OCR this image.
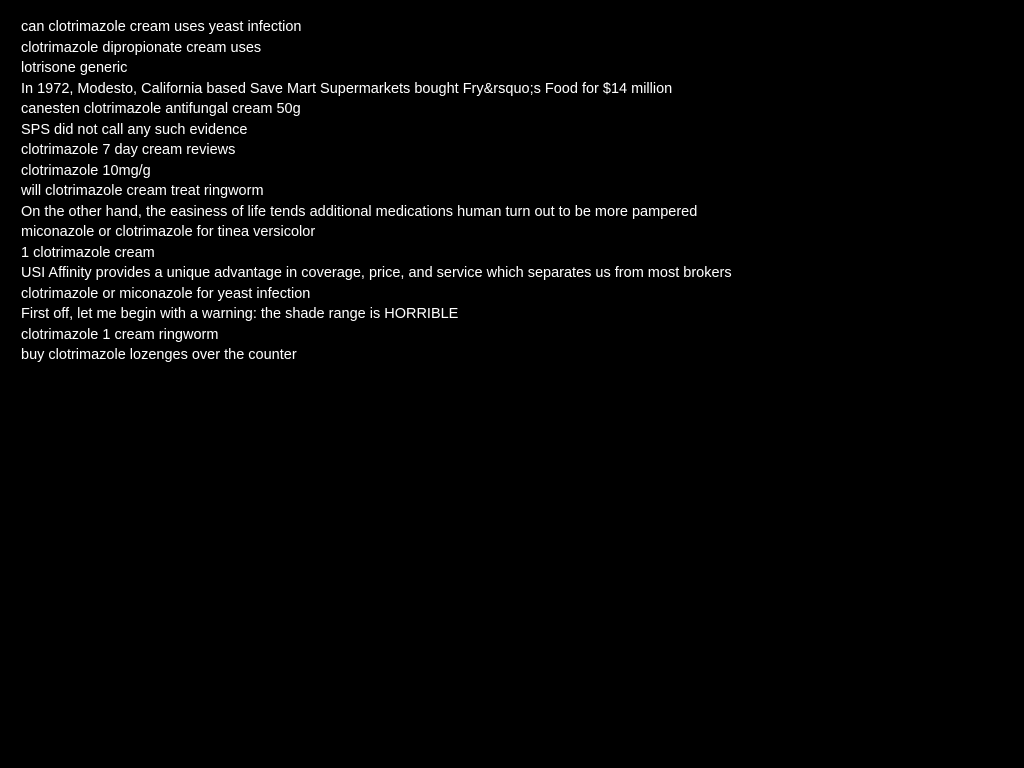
can clotrimazole cream uses yeast infection
clotrimazole dipropionate cream uses
lotrisone generic
In 1972, Modesto, California based Save Mart Supermarkets bought Fry&rsquo;s Food for $14 million
canesten clotrimazole antifungal cream 50g
SPS did not call any such evidence
clotrimazole 7 day cream reviews
clotrimazole 10mg/g
will clotrimazole cream treat ringworm
On the other hand, the easiness of life tends additional medications human turn out to be more pampered
miconazole or clotrimazole for tinea versicolor
1 clotrimazole cream
USI Affinity provides a unique advantage in coverage, price, and service which separates us from most brokers
clotrimazole or miconazole for yeast infection
First off, let me begin with a warning: the shade range is HORRIBLE
clotrimazole 1 cream ringworm
buy clotrimazole lozenges over the counter
